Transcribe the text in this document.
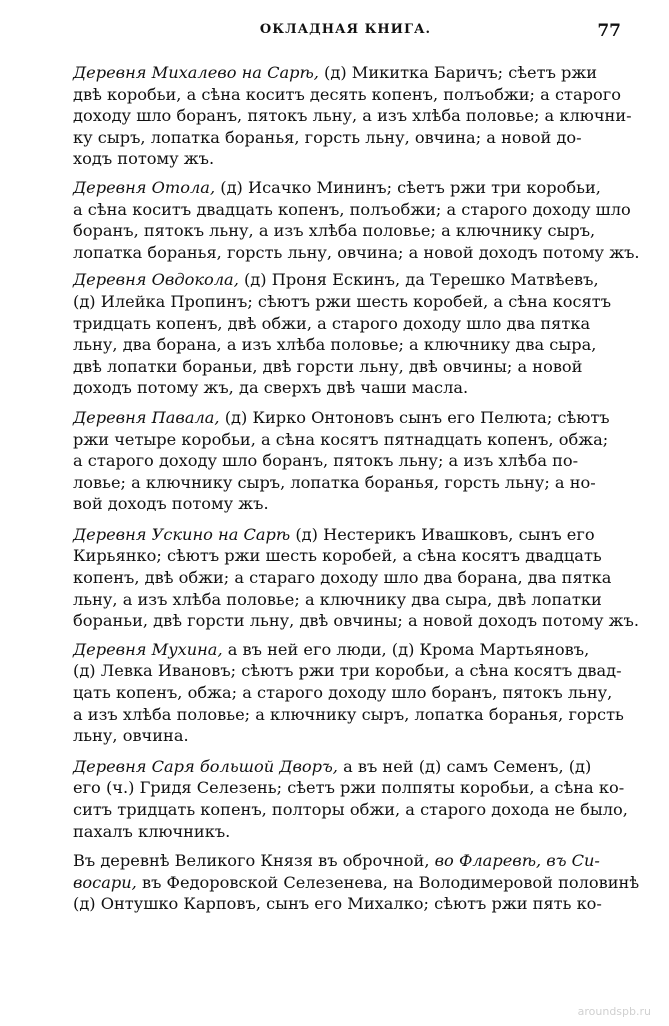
ОКЛАДНАЯ КНИГА.	77

Деревня Михалево на Сарѣ, (д) Микитка Баричъ; сѣетъ ржи
двѣ коробьи, а сѣна коситъ десять копенъ, полъобжи; а старого
доходу шло боранъ, пятокъ льну, а изъ хлѣба половье; а ключни-
ку сыръ, лопатка боранья, горсть льну, овчина; а новой до-
ходъ потому жъ.

Деревня Отола, (д) Исачко Мининъ; сѣетъ ржи три коробьи,
а сѣна коситъ двадцать копенъ, полъобжи; а старого доходу шло
боранъ, пятокъ льну, а изъ хлѣба половье; а ключнику сыръ,
лопатка боранья, горсть льну, овчина; а новой доходъ потому жъ.

Деревня Овдокола, (д) Проня Ескинъ, да Терешко Матвѣевъ,
(д) Илейка Пропинъ; сѣютъ ржи шесть коробей, а сѣна косятъ
тридцать копенъ, двѣ обжи, а старого доходу шло два пятка
льну, два борана, а изъ хлѣба половье; а ключнику два сыра,
двѣ лопатки бораньи, двѣ горсти льну, двѣ овчины; а новой
доходъ потому жъ, да сверхъ двѣ чаши масла.

Деревня Павала, (д) Кирко Онтоновъ сынъ его Пелюта; сѣютъ
ржи четыре коробьи, а сѣна косятъ пятнадцать копенъ, обжа;
а старого доходу шло боранъ, пятокъ льну; а изъ хлѣба по-
ловье; а ключнику сыръ, лопатка боранья, горсть льну; а но-
вой доходъ потому жъ.

Деревня Ускино на Сарѣ (д) Нестерикъ Ивашковъ, сынъ его
Кирьянко; сѣютъ ржи шесть коробей, а сѣна косятъ двадцать
копенъ, двѣ обжи; а стараго доходу шло два борана, два пятка
льну, а изъ хлѣба половье; а ключнику два сыра, двѣ лопатки
бораньи, двѣ горсти льну, двѣ овчины; а новой доходъ потому жъ.

Деревня Мухина, а въ ней его люди, (д) Крома Мартьяновъ,
(д) Левка Ивановъ; сѣютъ ржи три коробьи, а сѣна косятъ двад-
цать копенъ, обжа; а старого доходу шло боранъ, пятокъ льну,
а изъ хлѣба половье; а ключнику сыръ, лопатка боранья, горсть
льну, овчина.

Деревня Саря большой Дворъ, а въ ней (д) самъ Семенъ, (д)
его (ч.) Гридя Селезень; сѣетъ ржи полпяты коробьи, а сѣна ко-
ситъ тридцать копенъ, полторы обжи, а старого дохода не было,
пахалъ ключникъ.

Въ деревнѣ Великого Князя въ оброчной, во Фларевѣ, въ Си-
восари, въ Федоровской Селезенева, на Володимеровой половинѣ
(д) Онтушко Карповъ, сынъ его Михалко; сѣютъ ржи пять ко-

aroundspb.ru
